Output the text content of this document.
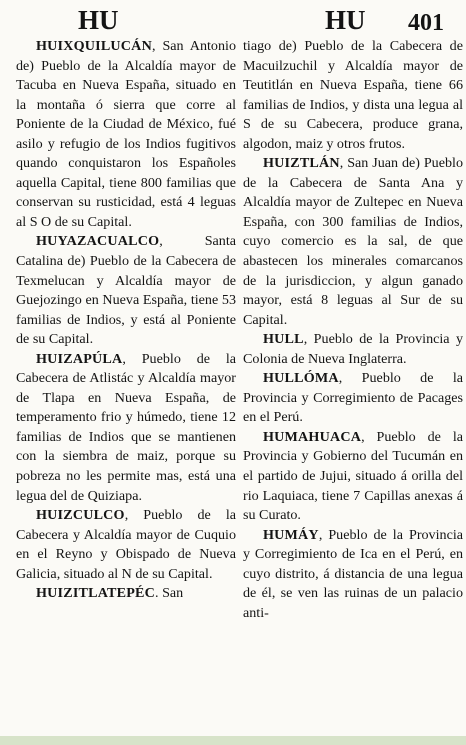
HU	HU 401

HUIXQUILUCÁN, San Antonio de) Pueblo de la Alcaldía mayor de Tacuba en Nueva España, situado en la montaña ó sierra que corre al Poniente de la Ciudad de México, fué asilo y refugio de los Indios fugitivos quando conquistaron los Españoles aquella Capital, tiene 800 familias que conservan su rusticidad, está 4 leguas al S O de su Capital.

HUYAZACUALCO, Santa Catalina de) Pueblo de la Cabecera de Texmelucan y Alcaldía mayor de Guejozingo en Nueva España, tiene 53 familias de Indios, y está al Poniente de su Capital.

HUIZAPÚLA, Pueblo de la Cabecera de Atlistác y Alcaldía mayor de Tlapa en Nueva España, de temperamento frio y húmedo, tiene 12 familias de Indios que se mantienen con la siembra de maiz, porque su pobreza no les permite mas, está una legua del de Quiziapa.

HUIZCULCO, Pueblo de la Cabecera y Alcaldía mayor de Cuquio en el Reyno y Obispado de Nueva Galicia, situado al N de su Capital.

HUIZITLATEPÉC. San

tiago de) Pueblo de la Cabecera de Macuilzuchil y Alcaldía mayor de Teutitlán en Nueva España, tiene 66 familias de Indios, y dista una legua al S de su Cabecera, produce grana, algodon, maiz y otros frutos.

HUIZTLÁN, San Juan de) Pueblo de la Cabecera de Santa Ana y Alcaldía mayor de Zultepec en Nueva España, con 300 familias de Indios, cuyo comercio es la sal, de que abastecen los minerales comarcanos de la jurisdiccion, y algun ganado mayor, está 8 leguas al Sur de su Capital.

HULL, Pueblo de la Provincia y Colonia de Nueva Inglaterra.

HULLÓMA, Pueblo de la Provincia y Corregimiento de Pacages en el Perú.

HUMAHUACA, Pueblo de la Provincia y Gobierno del Tucumán en el partido de Jujui, situado á orilla del rio Laquiaca, tiene 7 Capillas anexas á su Curato.

HUMÁY, Pueblo de la Provincia y Corregimiento de Ica en el Perú, en cuyo distrito, á distancia de una legua de él, se ven las ruinas de un palacio anti-
